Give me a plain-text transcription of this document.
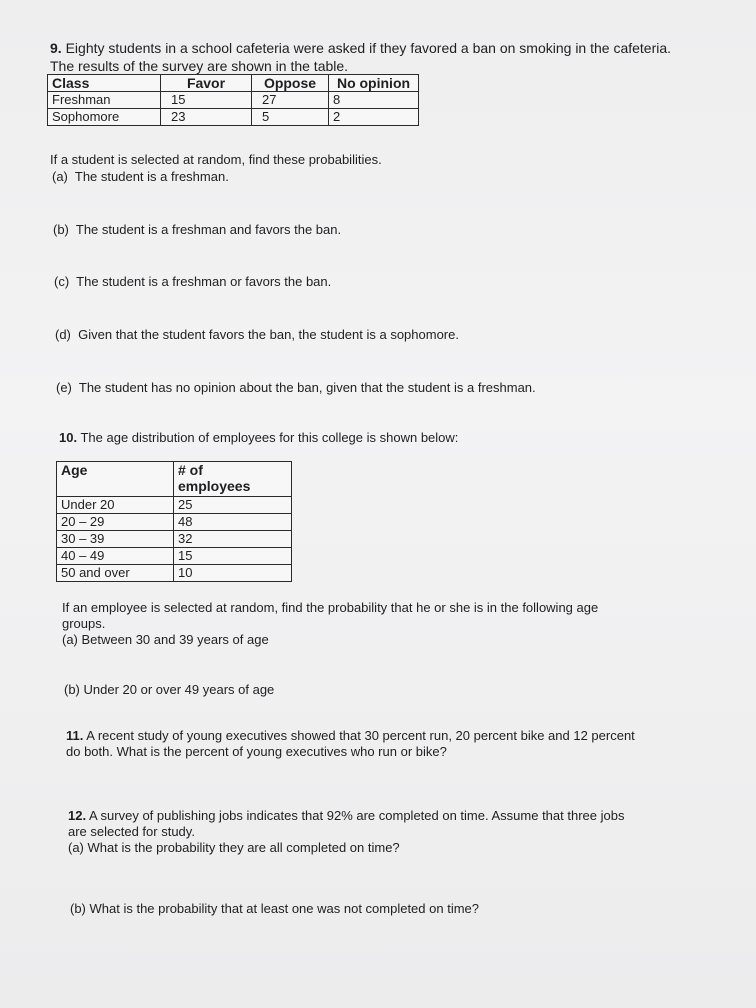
9. Eighty students in a school cafeteria were asked if they favored a ban on smoking in the cafeteria.
The results of the survey are shown in the table.
Class	Favor	Oppose	No opinion
Freshman	15	27	8
Sophomore	23	5	2
If a student is selected at random, find these probabilities.
(a) The student is a freshman.
(b) The student is a freshman and favors the ban.
(c) The student is a freshman or favors the ban.
(d) Given that the student favors the ban, the student is a sophomore.
(e) The student has no opinion about the ban, given that the student is a freshman.
10. The age distribution of employees for this college is shown below:
Age	# of
employees

Under 20	25
20 – 29	48
30 – 39	32
40 – 49	15
50 and over	10
If an employee is selected at random, find the probability that he or she is in the following age
groups.
(a) Between 30 and 39 years of age
(b) Under 20 or over 49 years of age
11. A recent study of young executives showed that 30 percent run, 20 percent bike and 12 percent
do both. What is the percent of young executives who run or bike?
12. A survey of publishing jobs indicates that 92% are completed on time. Assume that three jobs
are selected for study.
(a) What is the probability they are all completed on time?
(b) What is the probability that at least one was not completed on time?
